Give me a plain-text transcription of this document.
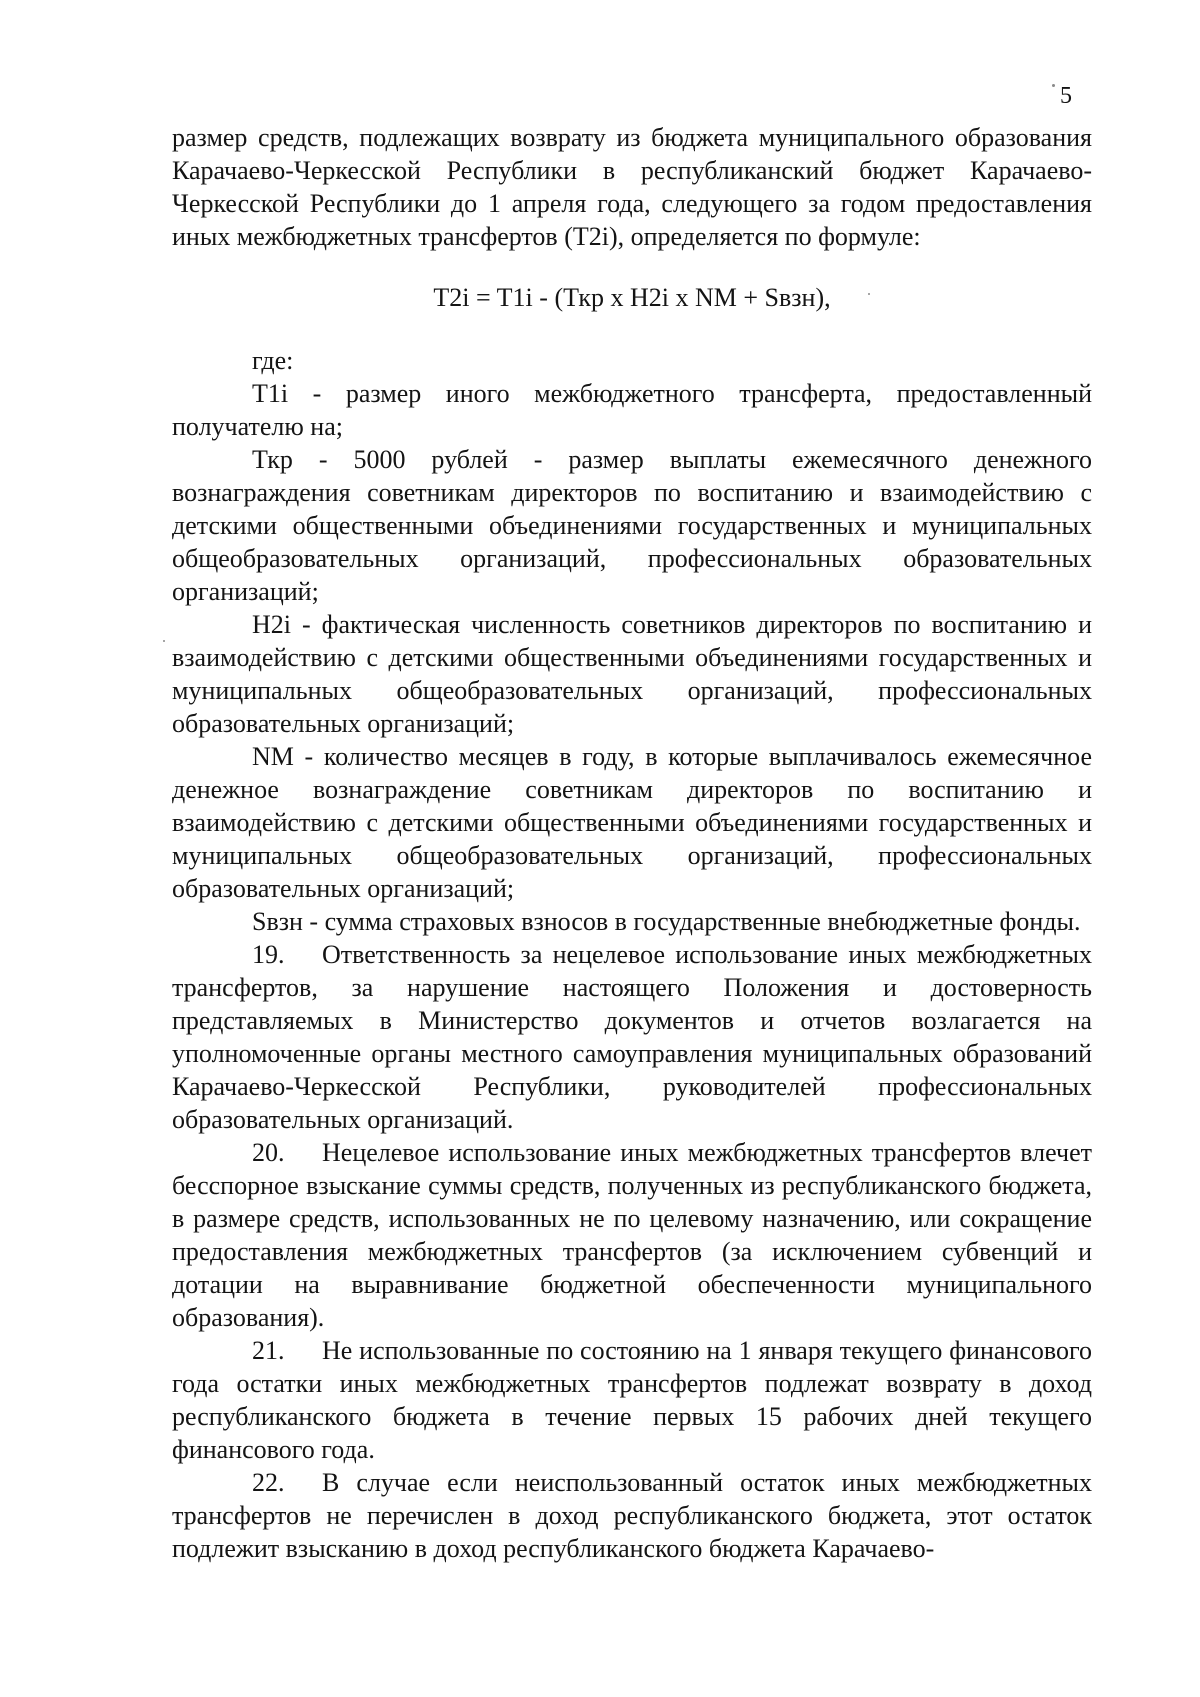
5

размер средств, подлежащих возврату из бюджета муниципального образования Карачаево-Черкесской Республики в республиканский бюджет Карачаево-Черкесской Республики до 1 апреля года, следующего за годом предоставления иных межбюджетных трансфертов (T2i), определяется по формуле:

T2i = T1i - (Ткр х H2i х NM + Sвзн),

где:

T1i - размер иного межбюджетного трансферта, предоставленный получателю на;

Ткр - 5000 рублей - размер выплаты ежемесячного денежного вознаграждения советникам директоров по воспитанию и взаимодействию с детскими общественными объединениями государственных и муниципальных общеобразовательных организаций, профессиональных образовательных организаций;

H2i - фактическая численность советников директоров по воспитанию и взаимодействию с детскими общественными объединениями государственных и муниципальных общеобразовательных организаций, профессиональных образовательных организаций;

NM - количество месяцев в году, в которые выплачивалось ежемесячное денежное вознаграждение советникам директоров по воспитанию и взаимодействию с детскими общественными объединениями государственных и муниципальных общеобразовательных организаций, профессиональных образовательных организаций;

Sвзн - сумма страховых взносов в государственные внебюджетные фонды.

19. Ответственность за нецелевое использование иных межбюджетных трансфертов, за нарушение настоящего Положения и достоверность представляемых в Министерство документов и отчетов возлагается на уполномоченные органы местного самоуправления муниципальных образований Карачаево-Черкесской Республики, руководителей профессиональных образовательных организаций.

20. Нецелевое использование иных межбюджетных трансфертов влечет бесспорное взыскание суммы средств, полученных из республиканского бюджета, в размере средств, использованных не по целевому назначению, или сокращение предоставления межбюджетных трансфертов (за исключением субвенций и дотации на выравнивание бюджетной обеспеченности муниципального образования).

21. Не использованные по состоянию на 1 января текущего финансового года остатки иных межбюджетных трансфертов подлежат возврату в доход республиканского бюджета в течение первых 15 рабочих дней текущего финансового года.

22. В случае если неиспользованный остаток иных межбюджетных трансфертов не перечислен в доход республиканского бюджета, этот остаток подлежит взысканию в доход республиканского бюджета Карачаево-
